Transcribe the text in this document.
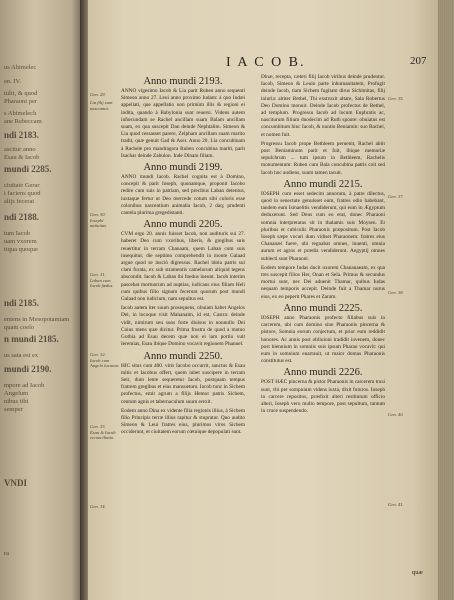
us Abimelec
en. IV.
tulit, & quod
Pharaoni per
s Abimelech
ane Rebeccam
ndi 2183.
ascitur anno
Esau & Iacob
mundi 2285.
ciuitate Gerar
i faciens quod
alijs fecerat
ndi 2188.
tum Iacob
uam vxorem
tiqua quoque
ndi 2185.
eniens in Mesopotamiam
quam coelo
n mundi 2185.
us sata est ex
mundi 2190.
mpore ad Iacob
Angelum
nibus tibi
semper
VNDI
ra
I A C O B.	207
Anno mundi 2193.

ANNO vigesimo Iacob & Lia parit Ruben anno sequenti Simeon anno 27. Leui anno proximo Iudam: à quo Iudæi appellati, que appellatio non primùm illis & regioni ei indita, quando à Babylonia sunt reuersi. Videns autem infœcundam se Rachel ancillam suam Balam ancillam suam, ex qua suscepit Dan deinde Nephtalim. Simeon & Lia quod cessasset parere, Zelpham ancillam suam marito tradit, quæ genuit Gad & Aser. Anno 20. Lia concubinam à Rachele pro mandragora Ruben concubina mariti, parit Isachar deinde Zabulon. Inde Dinam filiam.

Anno mundi 2199.

ANNO mundi Iacob. Rachel cognita est à Domino, concepit & parit Ioseph, quonamque, proponit Iacobo redire cum suis in patriam, sed precibus Laban detentus, iuxtaque fertur ut Deo mercede cotum sibi coloris esse colonibus nascentium animalia Iacob, 2 daq; prudenti cautela plurima gregedistanti.

Anno mundi 2205.

CVM ergo 20. annis fuisset Iacob, non audituris sui 27. haberet Deo cum vxoribus, liberis, & gregibus suis reuertitur in terram Chanaam, quem Laban cum suis insequitur, die septimo comprehendit in monte Galaad argue quod se insciò digressus. Rachel idola patris sui clam furata, ex sub stramentis camelorum aliquid tegens abscondit. Iacob & Laban ibi foedus ineunt. Iacob interim pascebat mortuorum ad nuptias, iudicans eius filiam Heli cum quibus filio signum fecerunt quorum post mundi Galaad non iudicium, nam sepultus est.

Iacob autem iter suum prosequens, obuiam habet Angelos Dei, in locoque visit Mahanaim, id est, Castra: deinde vidit, nimirum seu suos forte diuisus in nonnullo Dei Cuius mens quæ dicitur. Prima frustra de quod a mutuo Gothia ad Esau decem quæ non ei iam portio vult Ieremias, Esau ibique Domino vocavit regionem Phanuel.

Anno mundi 2250.

HIC situs cum 400. viris Iacobo occurrit, sanctus & Esau mitis et Iacobus offert, quem iubet suscipere in terram Seir, dum lente sequeretur Iacob, postquam tempus fratrem gregibus et eius mansuetum. Iacob tunc in Sichem profectus, emit agrum a filijs Hemor patris Sichem, centum agnis et tabernaculum suum erexit.

Eodem anno Dina ex vidente filia regionis illius, à Sichem filio Principis terræ illius rapitur & stupratur. Quo audito Simeon & Leui fratres eius, plurimos viros Sichem occiderunt, et ciuitatem eorum cœtuique depopulati sunt.

Dinæ, recepta, cæteri filij Iacob viribus deinde prudentur. Iacob, Simeon & Leuin parte inhumanitatem, Profugit deinde Iacob, tiam Sichem fugitam dirus Sichimitas, filij iniuria: altiter Bethel, Thi exstruxit altare, Sala Robertus Deo Domino monuit. Deinde Iacob profectus de Bethel, ad templum. Progressu Iacob ad locum Euphratis ac, nasciturum filium duodecim ad Ruth sponte: obuiatus est concumbitum hinc Iacob, & nuntio Beniamin: suo Rachel, et nomen fuit.

Progressu Iacob prope Bethleem peruenit, Rachel abiit post Beniaminum parit et fuit, ibique memoriæ sepulchrum ... tum ipsum in Bethleem, Rachelis monumentum: Ruben cum Bala concubina patris coit sed Iacob hoc audiens, suum tamen tacuit.

Anno mundi 2215.

IOSEPH cum esset sedecim annorum, à patre dilectus, quod in senectute genuisset eum, fratres odio habebant, tandem eum Ismaelitis vendiderunt, qui eum in Ægyptum deduxerunt. Sed Deus cum eo erat, donec Pharaoni somnia interpretatus sit in thalamis suis Moysen. Et pluribus et cubiculis Pharaonis præpositum. Post Iacob Ioseph sæpe vocari dum vidiset Pharaonem: fratres eius Chananæi fuere, ubi regnabat omnes, inuenti, omnia aurum et agros et prædia vendiderunt. Aegyptij omnes subiecti sunt Pharaoni.

Eodem tempore Iudas ducit uxorem Chananaeam, ex qua tres suscepit filios Her, Onan et Sela. Primus & secundus mortui sunt, nec Dei aduenit Thamar, quibus Iudas nequam temporis accepit. Deinde fuit a Thamar nurus eius, ex eo peperit Phares et Zaram.

Anno mundi 2225.

IOSEPH anno Pharaonis profecto filiabus suis in carcerem, ubi cum domino sine Pharaonis pincerna & pistore, Somnia eorum conjectum, et prior eum reddidit honores. Ac annis post obliuioni tradidit iuvenem, donec post biennium in somniis suis ipsum Pharao vocavit: qui eum in somnium enarrauit, ut maior domus Pharaonis constitutus est.

Anno mundi 2226.

POST HÆC pincerna & pistor Pharaonis in carcerem trusi sunt, vbi per sompnium videns iuxta, dixit futuros. Ioseph in carcere repositos, prædixit alteri restitutum officio alteri, Ioseph vero multo tempore, post sepultum, tantum in cruce suspendendo.

Gen. 29.
Lia filij sunt
nascuntur.
Gen. 30.
Iosephi natiuitas.
Gen. 31.
Laban cum Iacob fœdus.
Gen. 32.
Iacob cum Angelo luctatur.
Gen. 33.
Esau & Iacob reconciliatio.
Gen. 34.
Gen. 35.
Gen. 37.
Gen. 38.
Gen. 40.
Gen. 41.
quæ
